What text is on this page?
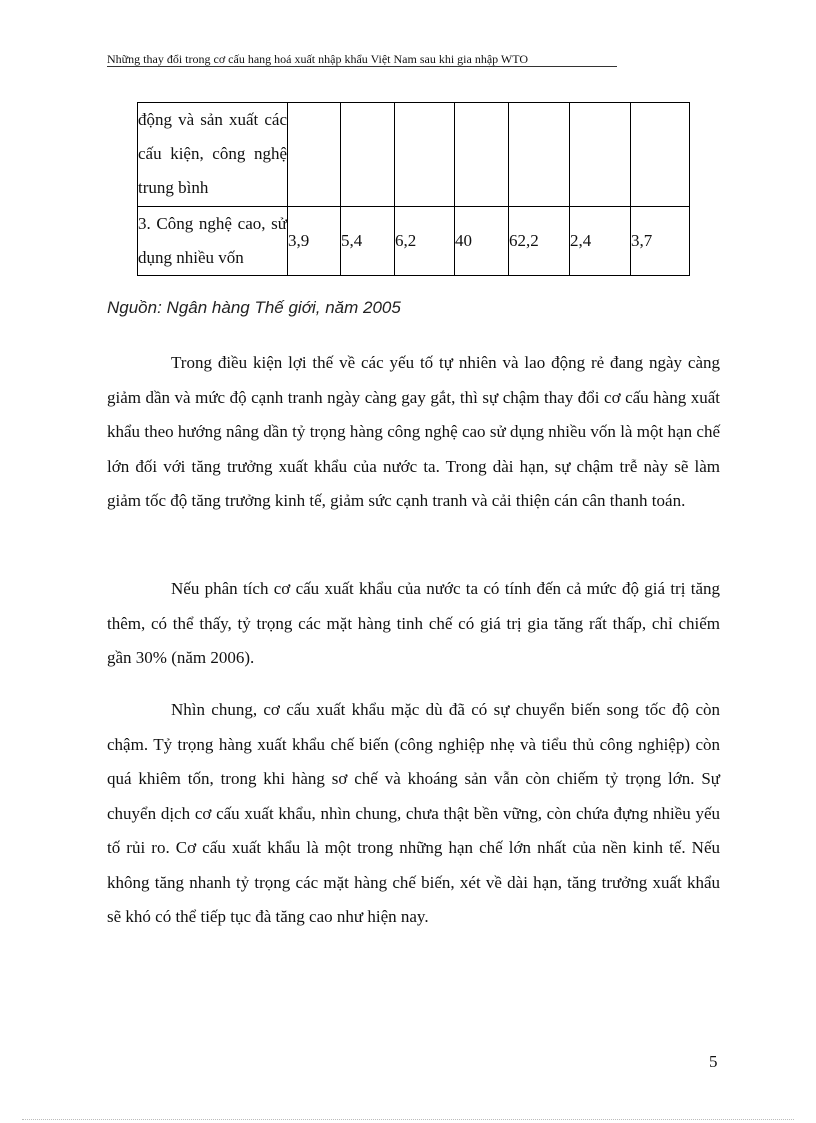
Những thay đổi trong cơ cấu hang hoá xuất nhập khẩu Việt Nam sau khi gia nhập WTO
động và sản xuất các cấu kiện, công nghệ trung bình							
3. Công nghệ cao, sử dụng nhiều vốn	3,9	5,4	6,2	40	62,2	2,4	3,7
Nguồn: Ngân hàng Thế giới, năm 2005

Trong điều kiện lợi thế về các yếu tố tự nhiên và lao động rẻ đang ngày càng giảm dần và mức độ cạnh tranh ngày càng gay gắt, thì sự chậm thay đổi cơ cấu hàng xuất khẩu theo hướng nâng dần tỷ trọng hàng công nghệ cao sử dụng nhiều vốn là một hạn chế lớn đối với tăng trưởng xuất khẩu của nước ta. Trong dài hạn, sự chậm trễ này sẽ làm giảm tốc độ tăng trưởng kinh tế, giảm sức cạnh tranh và cải thiện cán cân thanh toán.

Nếu phân tích cơ cấu xuất khẩu của nước ta có tính đến cả mức độ giá trị tăng thêm, có thể thấy, tỷ trọng các mặt hàng tinh chế có giá trị gia tăng rất thấp, chỉ chiếm gần 30% (năm 2006).

Nhìn chung, cơ cấu xuất khẩu mặc dù đã có sự chuyển biến song tốc độ còn chậm. Tỷ trọng hàng xuất khẩu chế biến (công nghiệp nhẹ và tiểu thủ công nghiệp) còn quá khiêm tốn, trong khi hàng sơ chế và khoáng sản vẫn còn chiếm tỷ trọng lớn. Sự chuyển dịch cơ cấu xuất khẩu, nhìn chung, chưa thật bền vững, còn chứa đựng nhiều yếu tố rủi ro. Cơ cấu xuất khẩu là một trong những hạn chế lớn nhất của nền kinh tế. Nếu không tăng nhanh tỷ trọng các mặt hàng chế biến, xét về dài hạn, tăng trưởng xuất khẩu sẽ khó có thể tiếp tục đà tăng cao như hiện nay.

5
